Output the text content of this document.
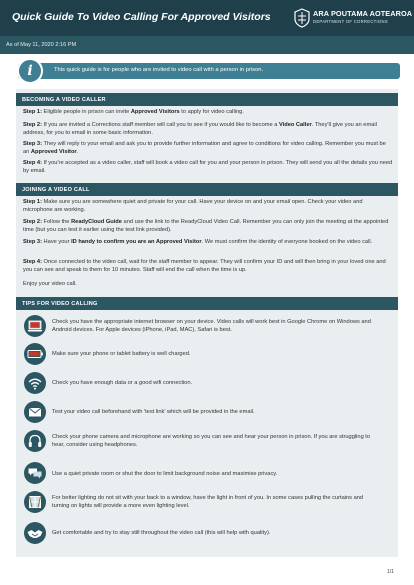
Quick Guide To Video Calling For Approved Visitors	ARA POUTAMA AOTEAROA
DEPARTMENT OF CORRECTIONS
As of May 11, 2020 2:16 PM
i	This quick guide is for people who are invited to video call with a person in prison.
BECOMING A VIDEO CALLER
Step 1: Eligible people in prison can invite Approved Visitors to apply for video calling.
Step 2: If you are invited a Corrections staff member will call you to see if you would like to become a Video Caller. They'll give you an email address, for you to email in some basic information.
Step 3: They will reply to your email and ask you to provide further information and agree to conditions for video calling. Remember you must be an Approved Visitor.
Step 4: If you're accepted as a video caller, staff will book a video call for you and your person in prison. They will send you all the details you need by email.
JOINING A VIDEO CALL
Step 1: Make sure you are somewhere quiet and private for your call. Have your device on and your email open. Check your video and microphone are working.
Step 2: Follow the ReadyCloud Guide and use the link to the ReadyCloud Video Call. Remember you can only join the meeting at the appointed time (but you can test it earlier using the test link provided).
Step 3: Have your ID handy to confirm you are an Approved Visitor. We must confirm the identity of everyone booked on the video call.
Step 4: Once connected to the video call, wait for the staff member to appear. They will confirm your ID and will then bring in your loved one and you can see and speak to them for 10 minutes. Staff will end the call when the time is up.
Enjoy your video call.
TIPS FOR VIDEO CALLING
Check you have the appropriate internet browser on your device. Video calls will work best in Google Chrome on Windows and Android devices. For Apple devices (iPhone, iPad, MAC), Safari is best.
Make sure your phone or tablet battery is well charged.
Check you have enough data or a good wifi connection.
Test your video call beforehand with 'test link' which will be provided in the email.
Check your phone camera and microphone are working so you can see and hear your person in prison. If you are struggling to hear, consider using headphones.
Use a quiet private room or shut the door to limit background noise and maximise privacy.
For better lighting do not sit with your back to a window, have the light in front of you. In some cases pulling the curtains and turning on lights will provide a more even lighting level.
Get comfortable and try to stay still throughout the video call (this will help with quality).
1/1
